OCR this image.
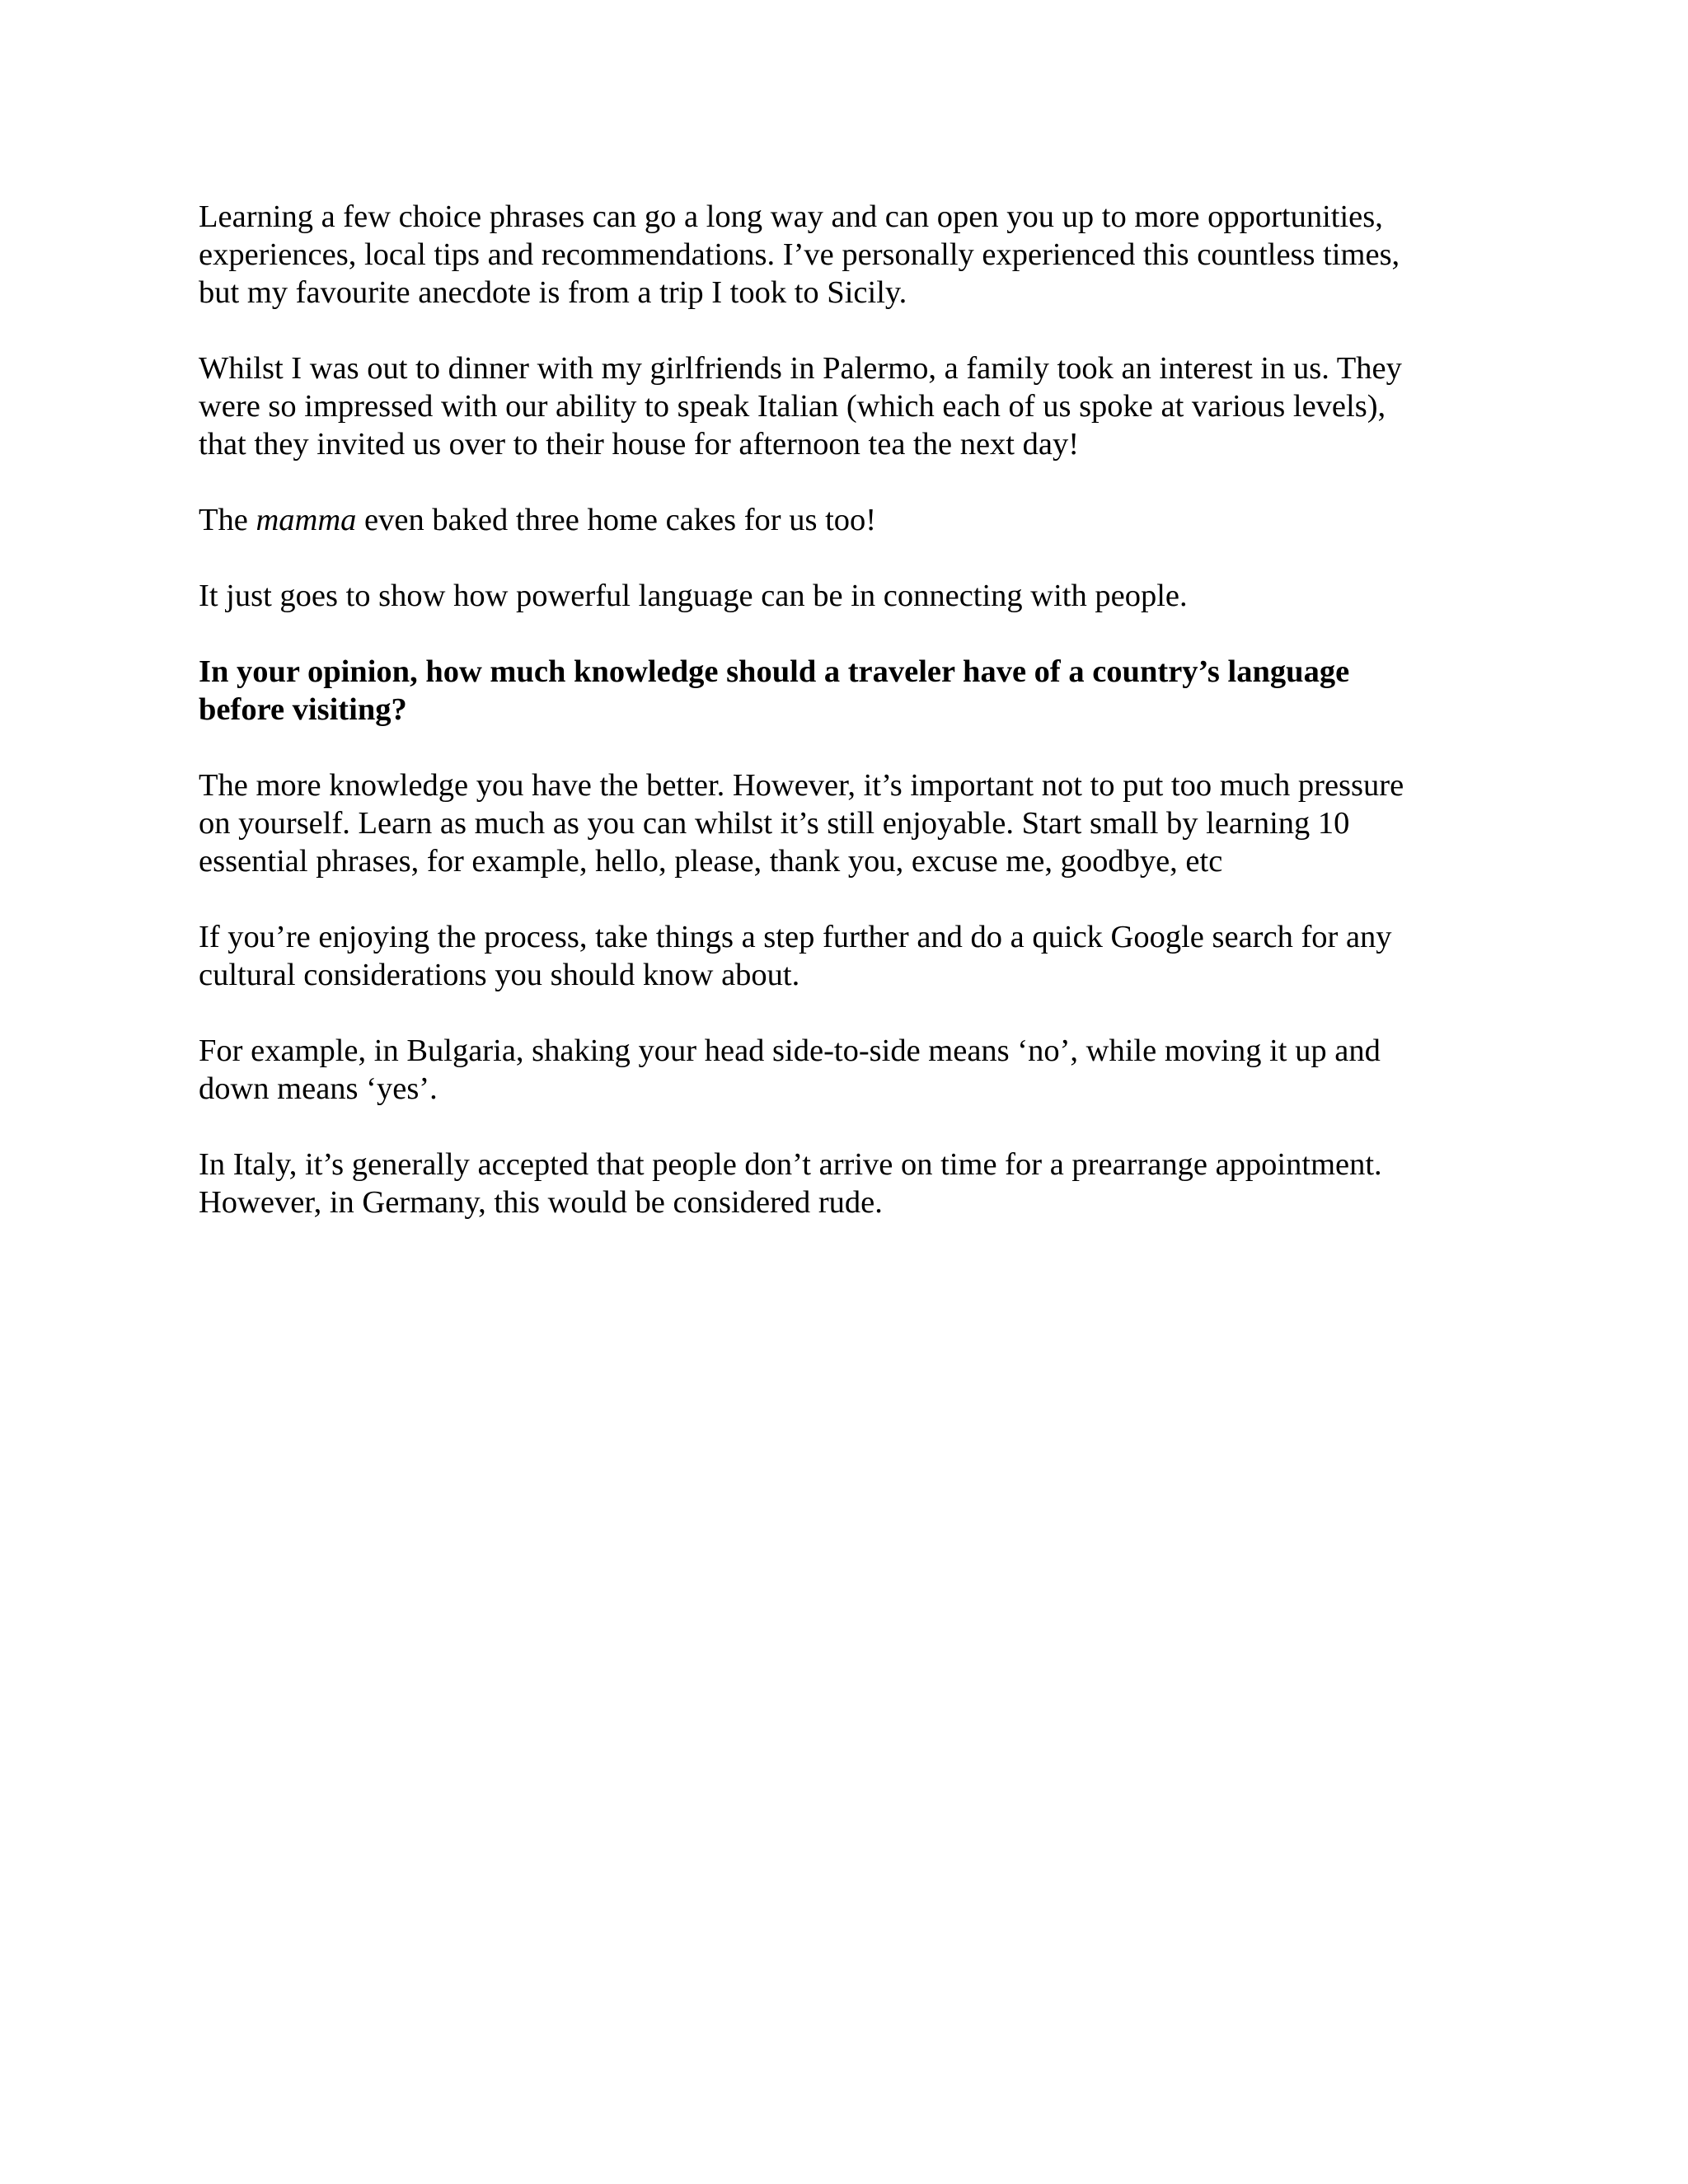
Learning a few choice phrases can go a long way and can open you up to more opportunities,
experiences, local tips and recommendations. I’ve personally experienced this countless times,
but my favourite anecdote is from a trip I took to Sicily.

Whilst I was out to dinner with my girlfriends in Palermo, a family took an interest in us. They
were so impressed with our ability to speak Italian (which each of us spoke at various levels),
that they invited us over to their house for afternoon tea the next day!

The mamma even baked three home cakes for us too!

It just goes to show how powerful language can be in connecting with people.

In your opinion, how much knowledge should a traveler have of a country’s language
before visiting?

The more knowledge you have the better. However, it’s important not to put too much pressure
on yourself. Learn as much as you can whilst it’s still enjoyable. Start small by learning 10
essential phrases, for example, hello, please, thank you, excuse me, goodbye, etc

If you’re enjoying the process, take things a step further and do a quick Google search for any
cultural considerations you should know about.

For example, in Bulgaria, shaking your head side-to-side means ‘no’, while moving it up and
down means ‘yes’.

In Italy, it’s generally accepted that people don’t arrive on time for a prearrange appointment.
However, in Germany, this would be considered rude.
